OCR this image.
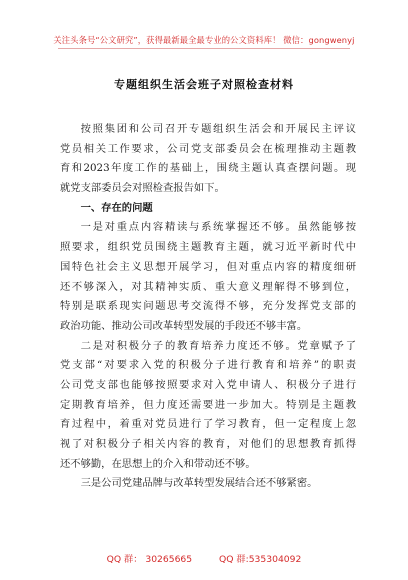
关注头条号“公文研究”，获得最新最全最专业的公文资料库！ 微信：gongwenyj
专题组织生活会班子对照检查材料
按照集团和公司召开专题组织生活会和开展民主评议
党员相关工作要求，公司党支部委员会在梳理推动主题教
育和2023年度工作的基础上，围绕主题认真查摆问题。现
就党支部委员会对照检查报告如下。
一、存在的问题
一是对重点内容精读与系统掌握还不够。虽然能够按
照要求，组织党员围绕主题教育主题，就习近平新时代中
国特色社会主义思想开展学习，但对重点内容的精度细研
还不够深入，对其精神实质、重大意义理解得不够到位，
特别是联系现实问题思考交流得不够，充分发挥党支部的
政治功能、推动公司改革转型发展的手段还不够丰富。
二是对积极分子的教育培养力度还不够。党章赋予了
党支部“对要求入党的积极分子进行教育和培养”的职责
公司党支部也能够按照要求对入党申请人、积极分子进行
定期教育培养，但力度还需要进一步加大。特别是主题教
育过程中，着重对党员进行了学习教育，但一定程度上忽
视了对积极分子相关内容的教育，对他们的思想教育抓得
还不够勤，在思想上的介入和带动还不够。
三是公司党建品牌与改革转型发展结合还不够紧密。
QQ 群： 30265665	QQ 群:535304092
